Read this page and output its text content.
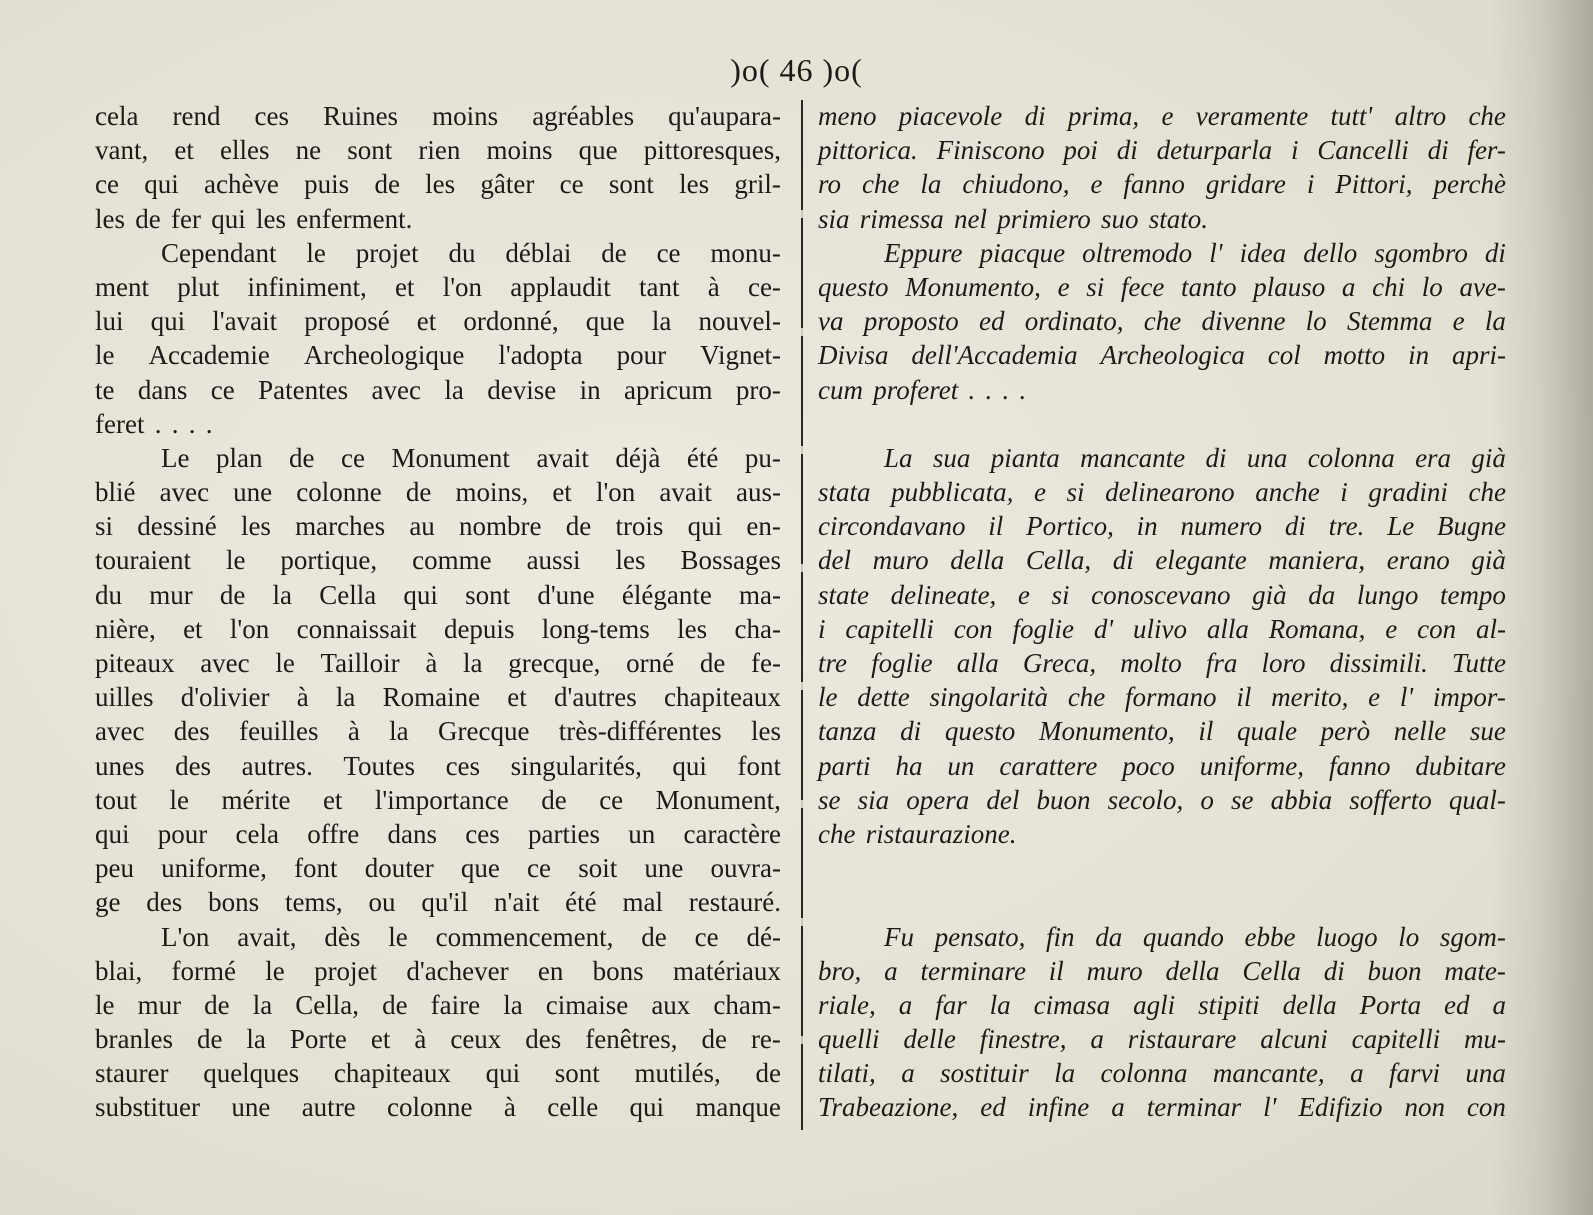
)o( 46 )o(
cela rend ces Ruines moins agréables qu'aupara-
vant, et elles ne sont rien moins que pittoresques,
ce qui achève puis de les gâter ce sont les gril-
les de fer qui les enferment.
Cependant le projet du déblai de ce monu-
ment plut infiniment, et l'on applaudit tant à ce-
lui qui l'avait proposé et ordonné, que la nouvel-
le Accademie Archeologique l'adopta pour Vignet-
te dans ce Patentes avec la devise in apricum pro-
feret . . . .
Le plan de ce Monument avait déjà été pu-
blié avec une colonne de moins, et l'on avait aus-
si dessiné les marches au nombre de trois qui en-
touraient le portique, comme aussi les Bossages
du mur de la Cella qui sont d'une élégante ma-
nière, et l'on connaissait depuis long-tems les cha-
piteaux avec le Tailloir à la grecque, orné de fe-
uilles d'olivier à la Romaine et d'autres chapiteaux
avec des feuilles à la Grecque très-différentes les
unes des autres. Toutes ces singularités, qui font
tout le mérite et l'importance de ce Monument,
qui pour cela offre dans ces parties un caractère
peu uniforme, font douter que ce soit une ouvra-
ge des bons tems, ou qu'il n'ait été mal restauré.
L'on avait, dès le commencement, de ce dé-
blai, formé le projet d'achever en bons matériaux
le mur de la Cella, de faire la cimaise aux cham-
branles de la Porte et à ceux des fenêtres, de re-
staurer quelques chapiteaux qui sont mutilés, de
substituer une autre colonne à celle qui manque
meno piacevole di prima, e veramente tutt' altro che
pittorica. Finiscono poi di deturparla i Cancelli di fer-
ro che la chiudono, e fanno gridare i Pittori, perchè
sia rimessa nel primiero suo stato.
Eppure piacque oltremodo l' idea dello sgombro di
questo Monumento, e si fece tanto plauso a chi lo ave-
va proposto ed ordinato, che divenne lo Stemma e la
Divisa dell'Accademia Archeologica col motto in apri-
cum proferet . . . .
La sua pianta mancante di una colonna era già
stata pubblicata, e si delinearono anche i gradini che
circondavano il Portico, in numero di tre. Le Bugne
del muro della Cella, di elegante maniera, erano già
state delineate, e si conoscevano già da lungo tempo
i capitelli con foglie d' ulivo alla Romana, e con al-
tre foglie alla Greca, molto fra loro dissimili. Tutte
le dette singolarità che formano il merito, e l' impor-
tanza di questo Monumento, il quale però nelle sue
parti ha un carattere poco uniforme, fanno dubitare
se sia opera del buon secolo, o se abbia sofferto qual-
che ristaurazione.
Fu pensato, fin da quando ebbe luogo lo sgom-
bro, a terminare il muro della Cella di buon mate-
riale, a far la cimasa agli stipiti della Porta ed a
quelli delle finestre, a ristaurare alcuni capitelli mu-
tilati, a sostituir la colonna mancante, a farvi una
Trabeazione, ed infine a terminar l' Edifizio non con
